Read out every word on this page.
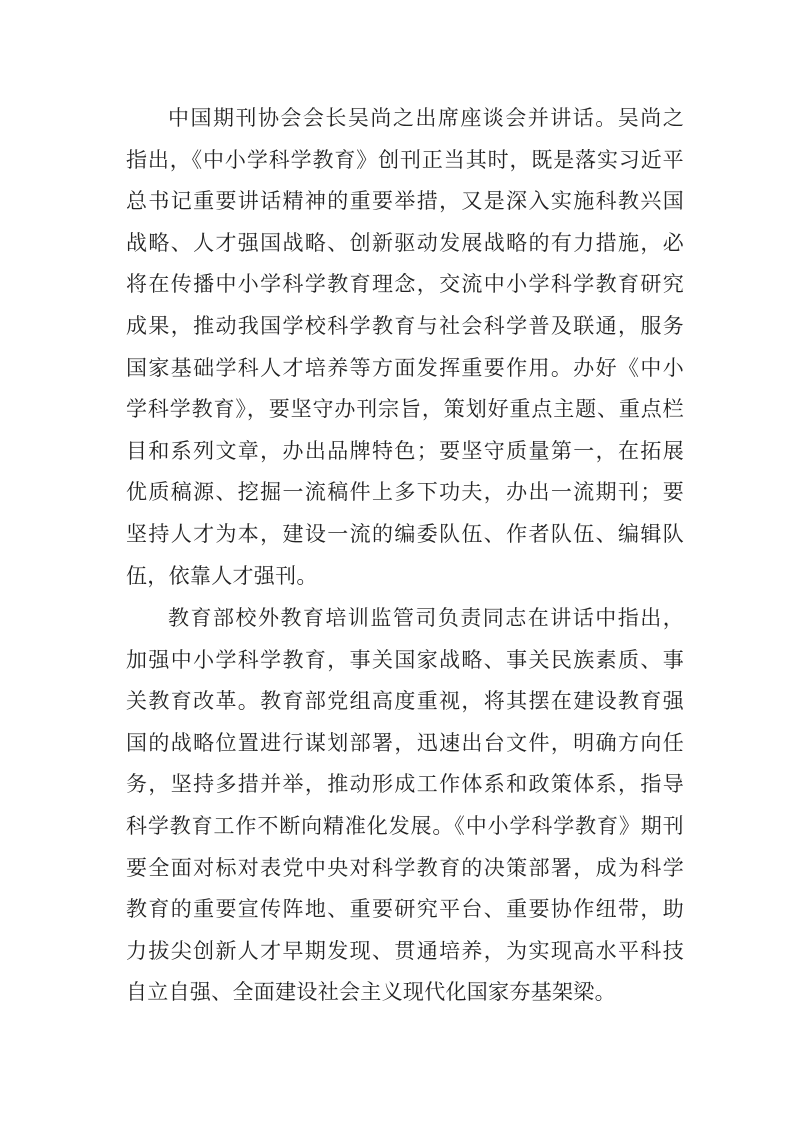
中国期刊协会会长吴尚之出席座谈会并讲话。吴尚之
指出，《中小学科学教育》创刊正当其时，既是落实习近平
总书记重要讲话精神的重要举措，又是深入实施科教兴国
战略、人才强国战略、创新驱动发展战略的有力措施，必
将在传播中小学科学教育理念，交流中小学科学教育研究
成果，推动我国学校科学教育与社会科学普及联通，服务
国家基础学科人才培养等方面发挥重要作用。办好《中小
学科学教育》，要坚守办刊宗旨，策划好重点主题、重点栏
目和系列文章，办出品牌特色；要坚守质量第一，在拓展
优质稿源、挖掘一流稿件上多下功夫，办出一流期刊；要
坚持人才为本，建设一流的编委队伍、作者队伍、编辑队
伍，依靠人才强刊。
教育部校外教育培训监管司负责同志在讲话中指出，
加强中小学科学教育，事关国家战略、事关民族素质、事
关教育改革。教育部党组高度重视，将其摆在建设教育强
国的战略位置进行谋划部署，迅速出台文件，明确方向任
务，坚持多措并举，推动形成工作体系和政策体系，指导
科学教育工作不断向精准化发展。《中小学科学教育》期刊
要全面对标对表党中央对科学教育的决策部署，成为科学
教育的重要宣传阵地、重要研究平台、重要协作纽带，助
力拔尖创新人才早期发现、贯通培养，为实现高水平科技
自立自强、全面建设社会主义现代化国家夯基架梁。
